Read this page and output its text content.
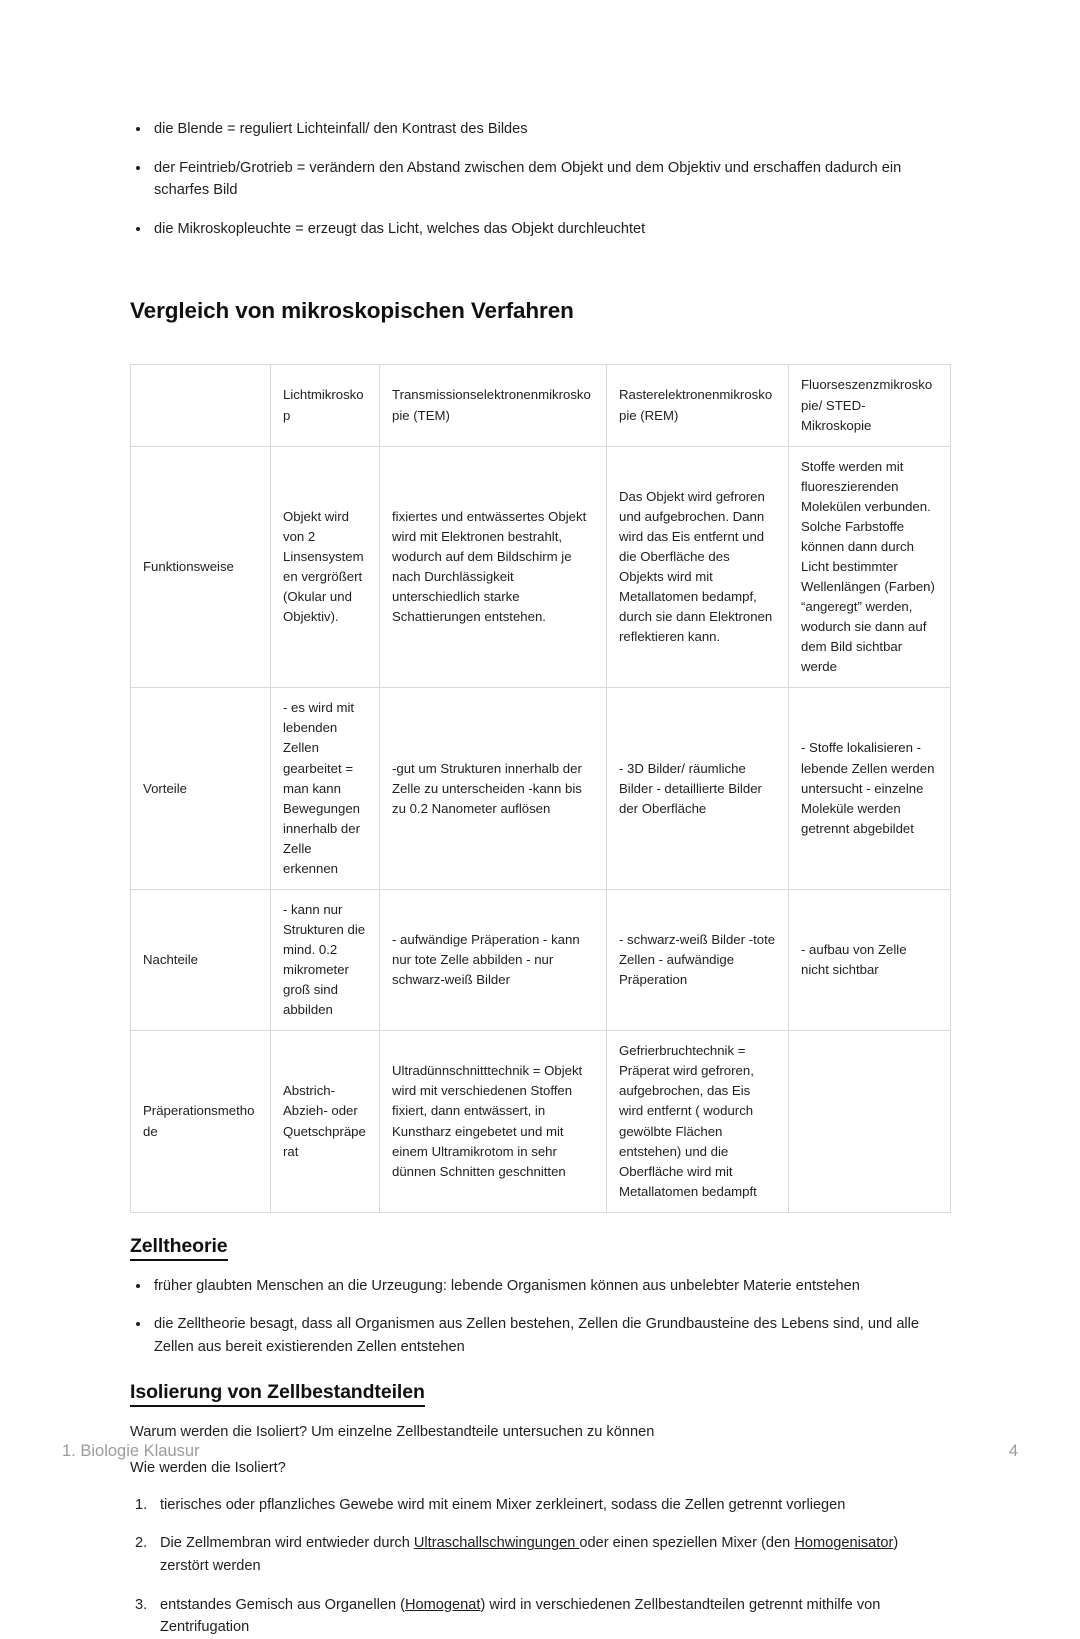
die Blende = reguliert Lichteinfall/ den Kontrast des Bildes
der Feintrieb/Grotrieb = verändern den Abstand zwischen dem Objekt und dem Objektiv und erschaffen dadurch ein scharfes Bild
die Mikroskopleuchte = erzeugt das Licht, welches das Objekt durchleuchtet
Vergleich von mikroskopischen Verfahren
	Lichtmikroskop	Transmissionselektronenmikroskopie (TEM)	Rasterelektronenmikroskopie (REM)	Fluorseszenzmikroskopie/ STED- Mikroskopie
Funktionsweise	Objekt wird von 2 Linsensystemen vergrößert (Okular und Objektiv).	fixiertes und entwässertes Objekt wird mit Elektronen bestrahlt, wodurch auf dem Bildschirm je nach Durchlässigkeit unterschiedlich starke Schattierungen entstehen.	Das Objekt wird gefroren und aufgebrochen. Dann wird das Eis entfernt und die Oberfläche des Objekts wird mit Metallatomen bedampf, durch sie dann Elektronen reflektieren kann.	Stoffe werden mit fluoreszierenden Molekülen verbunden. Solche Farbstoffe können dann durch Licht bestimmter Wellenlängen (Farben) “angeregt” werden, wodurch sie dann auf dem Bild sichtbar werde
Vorteile	- es wird mit lebenden Zellen gearbeitet = man kann Bewegungen innerhalb der Zelle erkennen	-gut um Strukturen innerhalb der Zelle zu unterscheiden -kann bis zu 0.2 Nanometer auflösen	- 3D Bilder/ räumliche Bilder - detaillierte Bilder der Oberfläche	- Stoffe lokalisieren - lebende Zellen werden untersucht - einzelne Moleküle werden getrennt abgebildet
Nachteile	- kann nur Strukturen die mind. 0.2 mikrometer groß sind abbilden	- aufwändige Präperation - kann nur tote Zelle abbilden - nur schwarz-weiß Bilder	- schwarz-weiß Bilder -tote Zellen - aufwändige Präperation	- aufbau von Zelle nicht sichtbar
Präperationsmethode	Abstrich- Abzieh- oder Quetschpräperat	Ultradünnschnitttechnik = Objekt wird mit verschiedenen Stoffen fixiert, dann entwässert, in Kunstharz eingebetet und mit einem Ultramikrotom in sehr dünnen Schnitten geschnitten	Gefrierbruchtechnik = Präperat wird gefroren, aufgebrochen, das Eis wird entfernt ( wodurch gewölbte Flächen entstehen) und die Oberfläche wird mit Metallatomen bedampft	
Zelltheorie
früher glaubten Menschen an die Urzeugung: lebende Organismen können aus unbelebter Materie entstehen
die Zelltheorie besagt, dass all Organismen aus Zellen bestehen, Zellen die Grundbausteine des Lebens sind, und alle Zellen aus bereit existierenden Zellen entstehen
Isolierung von Zellbestandteilen

Warum werden die Isoliert? Um einzelne Zellbestandteile untersuchen zu können

Wie werden die Isoliert?

tierisches oder pflanzliches Gewebe wird mit einem Mixer zerkleinert, sodass die Zellen getrennt vorliegen
Die Zellmembran wird entwieder durch Ultraschallschwingungen oder einen speziellen Mixer (den Homogenisator) zerstört werden
entstandes Gemisch aus Organellen (Homogenat) wird in verschiedenen Zellbestandteilen getrennt mithilfe von Zentrifugation
1. Biologie Klausur	4
